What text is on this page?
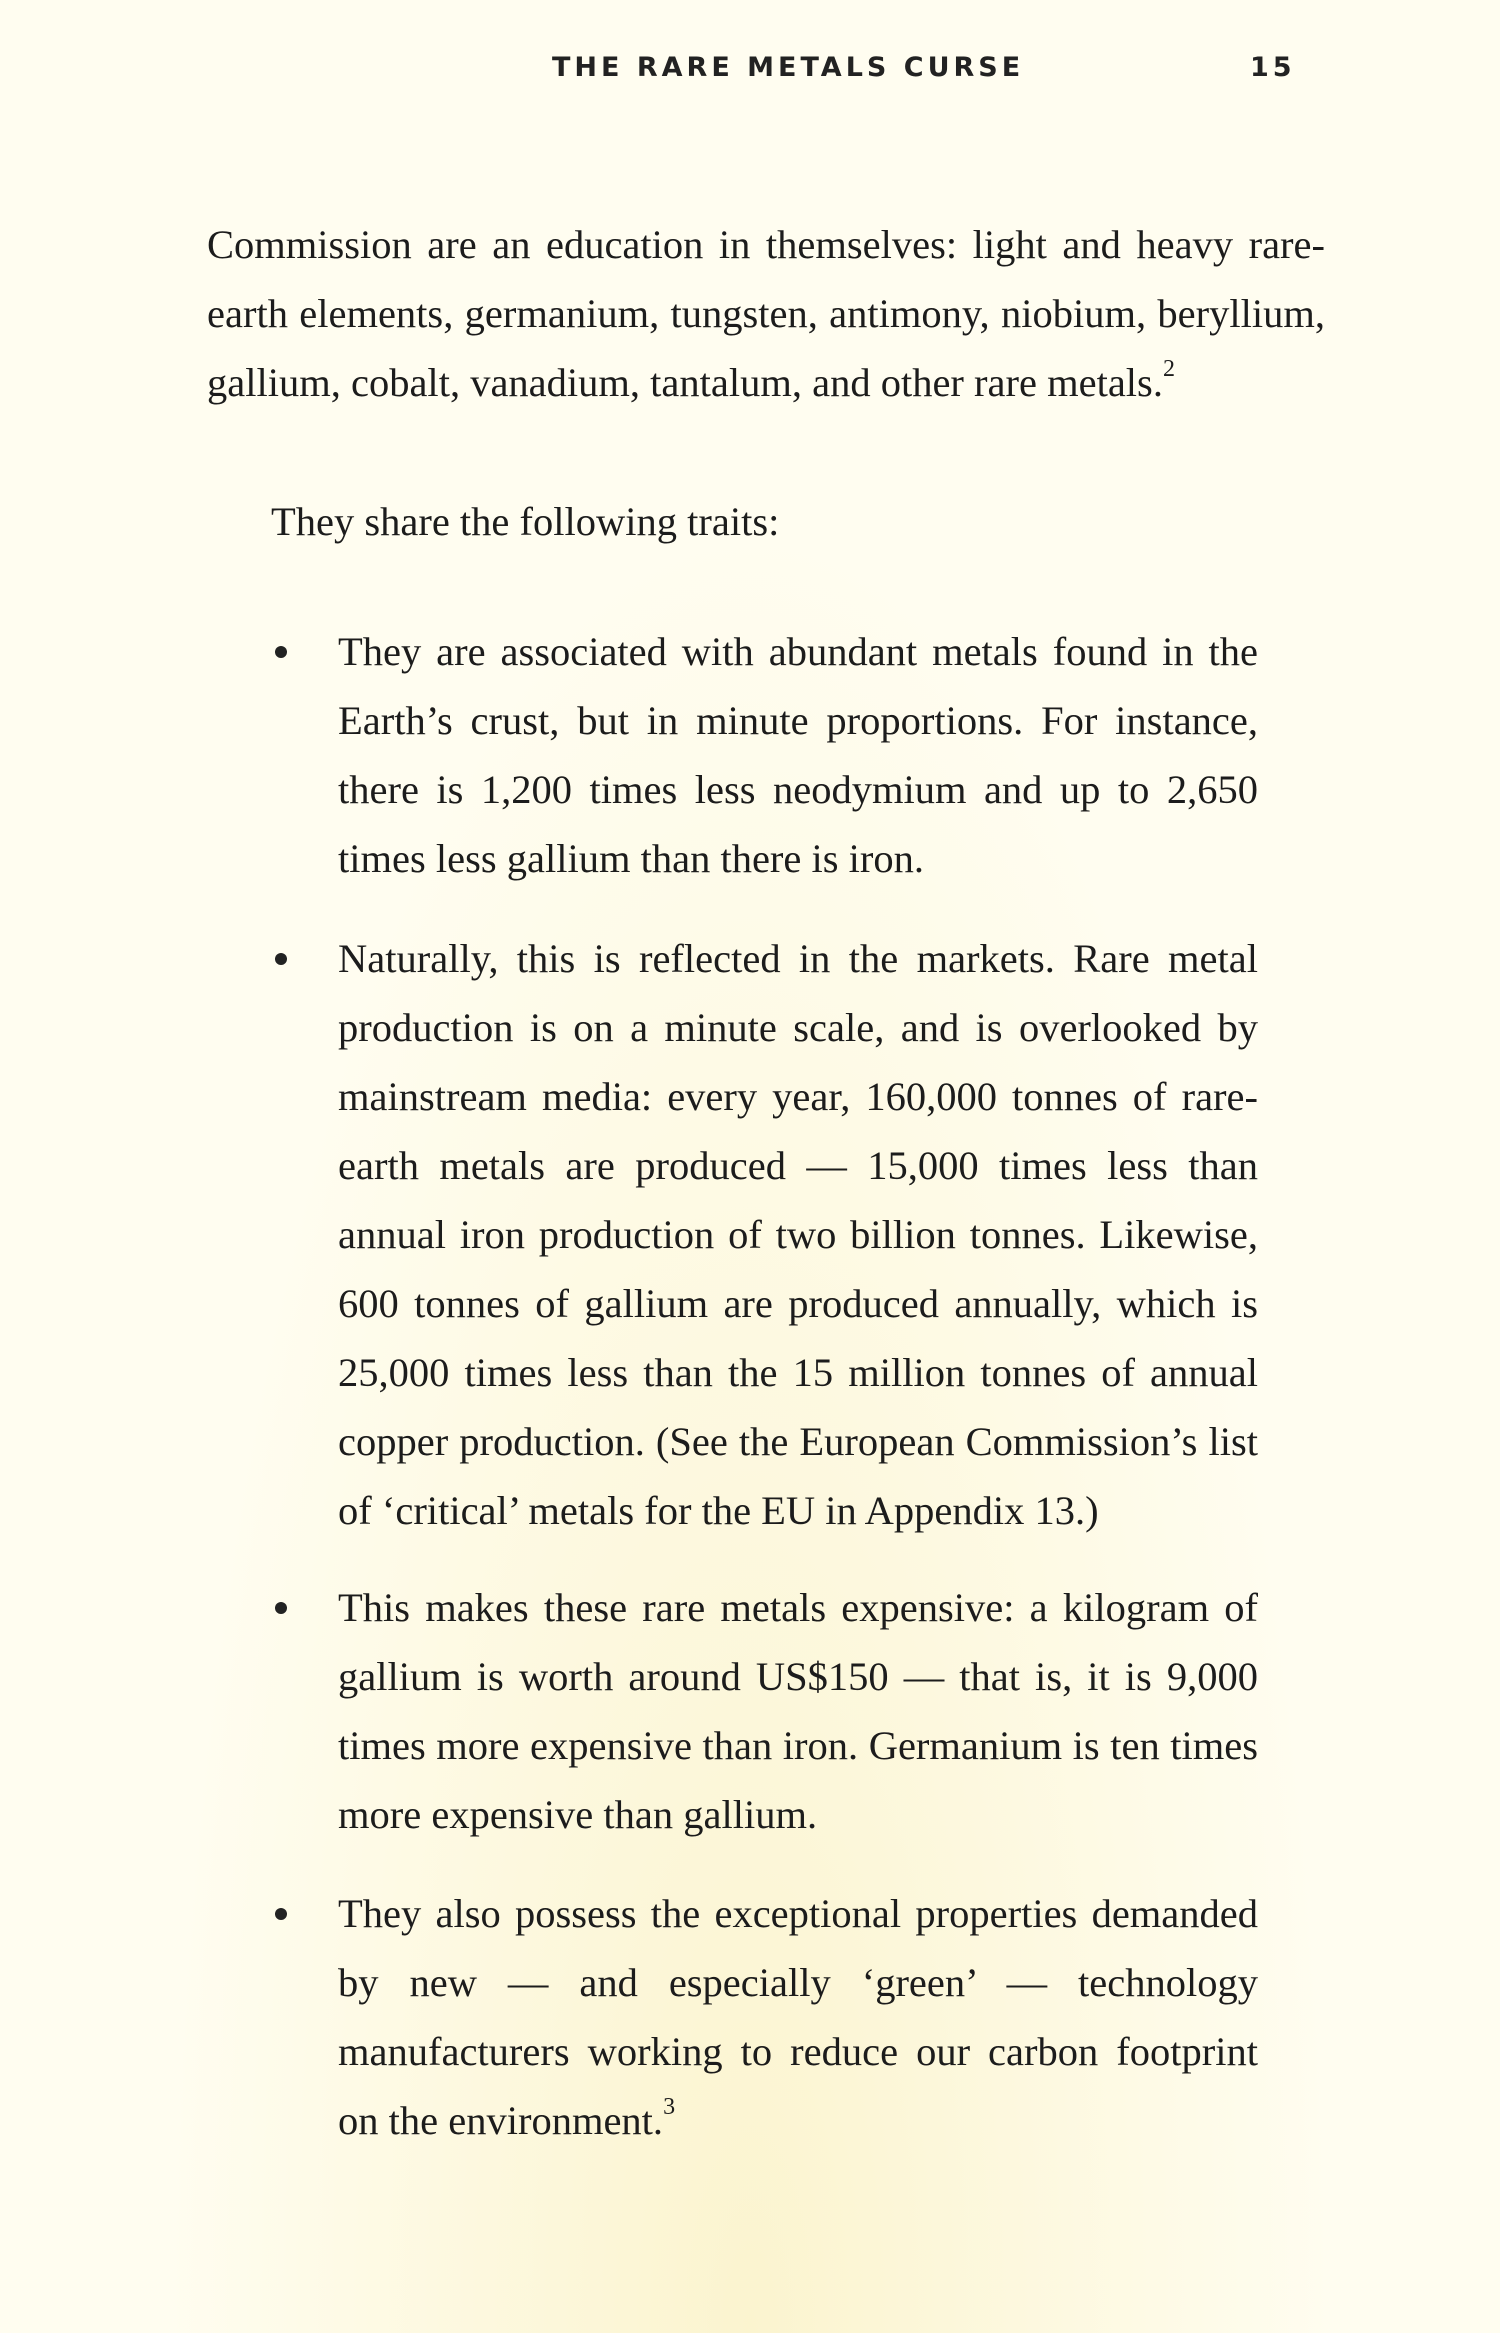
THE RARE METALS CURSE	15

Commission are an education in themselves: light and heavy rare-earth elements, germanium, tungsten, antimony, niobium, beryllium, gallium, cobalt, vanadium, tantalum, and other rare metals.$^2$

They share the following traits:

They are associated with abundant metals found in the Earth’s crust, but in minute proportions. For instance, there is 1,200 times less neodymium and up to 2,650 times less gallium than there is iron.
Naturally, this is reflected in the markets. Rare metal production is on a minute scale, and is overlooked by mainstream media: every year, 160,000 tonnes of rare-earth metals are produced — 15,000 times less than annual iron production of two billion tonnes. Likewise, 600 tonnes of gallium are produced annually, which is 25,000 times less than the 15 million tonnes of annual copper production. (See the European Commission’s list of ‘critical’ metals for the EU in Appendix 13.)
This makes these rare metals expensive: a kilogram of gallium is worth around US$150 — that is, it is 9,000 times more expensive than iron. Germanium is ten times more expensive than gallium.
They also possess the exceptional properties demanded by new — and especially ‘green’ — technology manufacturers working to reduce our carbon footprint on the environment.$^3$
